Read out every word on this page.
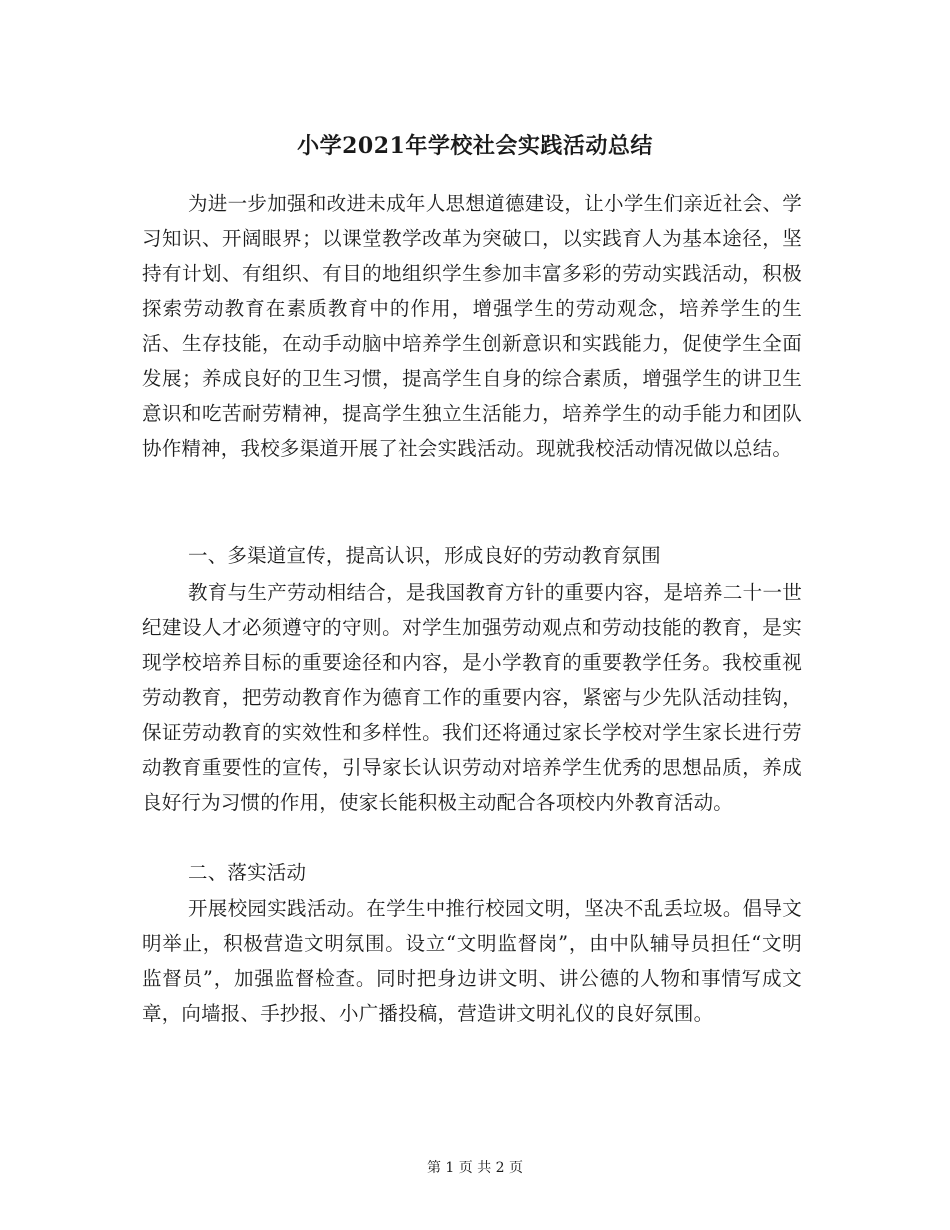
小学2021年学校社会实践活动总结

为进一步加强和改进未成年人思想道德建设，让小学生们亲近社会、学习知识、开阔眼界；以课堂教学改革为突破口，以实践育人为基本途径，坚持有计划、有组织、有目的地组织学生参加丰富多彩的劳动实践活动，积极探索劳动教育在素质教育中的作用，增强学生的劳动观念，培养学生的生活、生存技能，在动手动脑中培养学生创新意识和实践能力，促使学生全面发展；养成良好的卫生习惯，提高学生自身的综合素质，增强学生的讲卫生意识和吃苦耐劳精神，提高学生独立生活能力，培养学生的动手能力和团队协作精神，我校多渠道开展了社会实践活动。现就我校活动情况做以总结。

一、多渠道宣传，提高认识，形成良好的劳动教育氛围

教育与生产劳动相结合，是我国教育方针的重要内容，是培养二十一世纪建设人才必须遵守的守则。对学生加强劳动观点和劳动技能的教育，是实现学校培养目标的重要途径和内容，是小学教育的重要教学任务。我校重视劳动教育，把劳动教育作为德育工作的重要内容，紧密与少先队活动挂钩，保证劳动教育的实效性和多样性。我们还将通过家长学校对学生家长进行劳动教育重要性的宣传，引导家长认识劳动对培养学生优秀的思想品质，养成良好行为习惯的作用，使家长能积极主动配合各项校内外教育活动。

二、落实活动

开展校园实践活动。在学生中推行校园文明，坚决不乱丢垃圾。倡导文明举止，积极营造文明氛围。设立“文明监督岗”，由中队辅导员担任“文明监督员”，加强监督检查。同时把身边讲文明、讲公德的人物和事情写成文章，向墙报、手抄报、小广播投稿，营造讲文明礼仪的良好氛围。

第 1 页 共 2 页
